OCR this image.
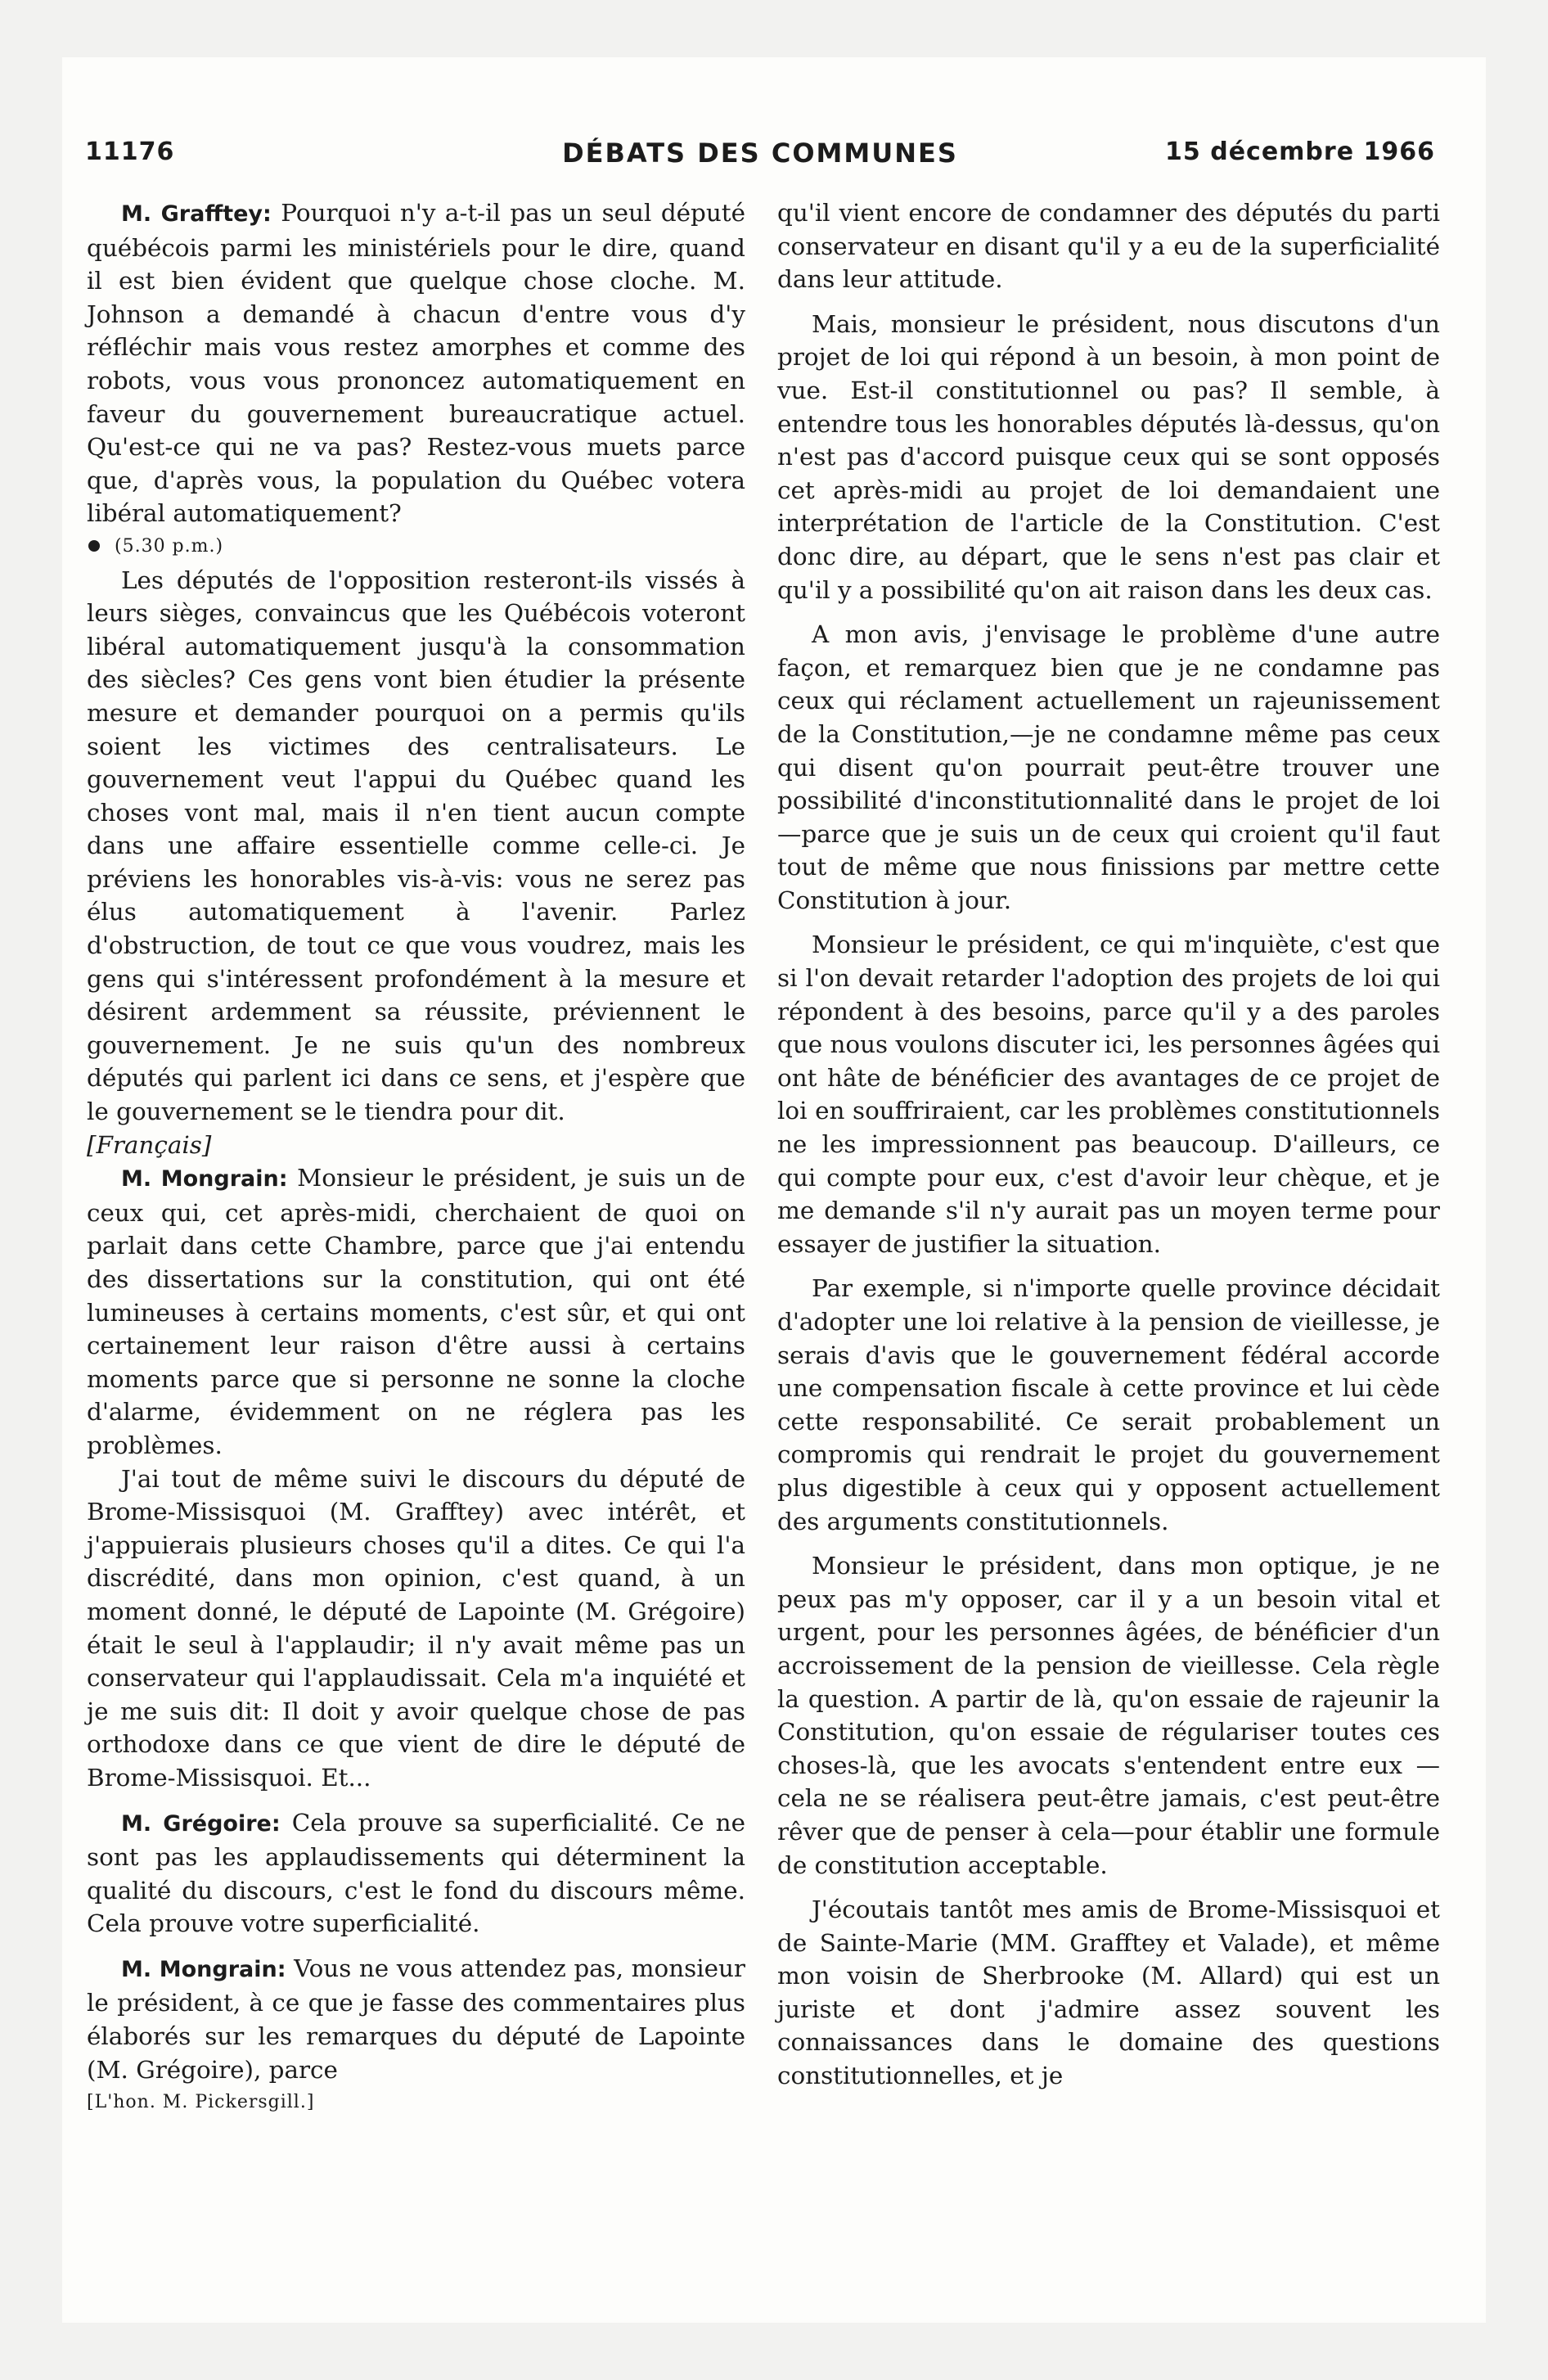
11176	DÉBATS DES COMMUNES	15 décembre 1966

M. Grafftey: Pourquoi n'y a-t-il pas un seul député québécois parmi les ministériels pour le dire, quand il est bien évident que quelque chose cloche. M. Johnson a demandé à chacun d'entre vous d'y réfléchir mais vous restez amorphes et comme des robots, vous vous prononcez automatiquement en faveur du gouvernement bureaucratique actuel. Qu'est-ce qui ne va pas? Restez-vous muets parce que, d'après vous, la population du Québec votera libéral automatiquement?

(5.30 p.m.)

Les députés de l'opposition resteront-ils vissés à leurs sièges, convaincus que les Québécois voteront libéral automatiquement jusqu'à la consommation des siècles? Ces gens vont bien étudier la présente mesure et demander pourquoi on a permis qu'ils soient les victimes des centralisateurs. Le gouvernement veut l'appui du Québec quand les choses vont mal, mais il n'en tient aucun compte dans une affaire essentielle comme celle-ci. Je préviens les honorables vis-à-vis: vous ne serez pas élus automatiquement à l'avenir. Parlez d'obstruction, de tout ce que vous voudrez, mais les gens qui s'intéressent profondément à la mesure et désirent ardemment sa réussite, préviennent le gouvernement. Je ne suis qu'un des nombreux députés qui parlent ici dans ce sens, et j'espère que le gouvernement se le tiendra pour dit.

[Français]

M. Mongrain: Monsieur le président, je suis un de ceux qui, cet après-midi, cherchaient de quoi on parlait dans cette Chambre, parce que j'ai entendu des dissertations sur la constitution, qui ont été lumineuses à certains moments, c'est sûr, et qui ont certainement leur raison d'être aussi à certains moments parce que si personne ne sonne la cloche d'alarme, évidemment on ne réglera pas les problèmes.

J'ai tout de même suivi le discours du député de Brome-Missisquoi (M. Grafftey) avec intérêt, et j'appuierais plusieurs choses qu'il a dites. Ce qui l'a discrédité, dans mon opinion, c'est quand, à un moment donné, le député de Lapointe (M. Grégoire) était le seul à l'applaudir; il n'y avait même pas un conservateur qui l'applaudissait. Cela m'a inquiété et je me suis dit: Il doit y avoir quelque chose de pas orthodoxe dans ce que vient de dire le député de Brome-Missisquoi. Et...

M. Grégoire: Cela prouve sa superficialité. Ce ne sont pas les applaudissements qui déterminent la qualité du discours, c'est le fond du discours même. Cela prouve votre superficialité.

M. Mongrain: Vous ne vous attendez pas, monsieur le président, à ce que je fasse des commentaires plus élaborés sur les remarques du député de Lapointe (M. Grégoire), parce

[L'hon. M. Pickersgill.]

qu'il vient encore de condamner des députés du parti conservateur en disant qu'il y a eu de la superficialité dans leur attitude.

Mais, monsieur le président, nous discutons d'un projet de loi qui répond à un besoin, à mon point de vue. Est-il constitutionnel ou pas? Il semble, à entendre tous les honorables députés là-dessus, qu'on n'est pas d'accord puisque ceux qui se sont opposés cet après-midi au projet de loi demandaient une interprétation de l'article de la Constitution. C'est donc dire, au départ, que le sens n'est pas clair et qu'il y a possibilité qu'on ait raison dans les deux cas.

A mon avis, j'envisage le problème d'une autre façon, et remarquez bien que je ne condamne pas ceux qui réclament actuellement un rajeunissement de la Constitution,—je ne condamne même pas ceux qui disent qu'on pourrait peut-être trouver une possibilité d'inconstitutionnalité dans le projet de loi—parce que je suis un de ceux qui croient qu'il faut tout de même que nous finissions par mettre cette Constitution à jour.

Monsieur le président, ce qui m'inquiète, c'est que si l'on devait retarder l'adoption des projets de loi qui répondent à des besoins, parce qu'il y a des paroles que nous voulons discuter ici, les personnes âgées qui ont hâte de bénéficier des avantages de ce projet de loi en souffriraient, car les problèmes constitutionnels ne les impressionnent pas beaucoup. D'ailleurs, ce qui compte pour eux, c'est d'avoir leur chèque, et je me demande s'il n'y aurait pas un moyen terme pour essayer de justifier la situation.

Par exemple, si n'importe quelle province décidait d'adopter une loi relative à la pension de vieillesse, je serais d'avis que le gouvernement fédéral accorde une compensation fiscale à cette province et lui cède cette responsabilité. Ce serait probablement un compromis qui rendrait le projet du gouvernement plus digestible à ceux qui y opposent actuellement des arguments constitutionnels.

Monsieur le président, dans mon optique, je ne peux pas m'y opposer, car il y a un besoin vital et urgent, pour les personnes âgées, de bénéficier d'un accroissement de la pension de vieillesse. Cela règle la question. A partir de là, qu'on essaie de rajeunir la Constitution, qu'on essaie de régulariser toutes ces choses-là, que les avocats s'entendent entre eux —cela ne se réalisera peut-être jamais, c'est peut-être rêver que de penser à cela—pour établir une formule de constitution acceptable.

J'écoutais tantôt mes amis de Brome-Missisquoi et de Sainte-Marie (MM. Grafftey et Valade), et même mon voisin de Sherbrooke (M. Allard) qui est un juriste et dont j'admire assez souvent les connaissances dans le domaine des questions constitutionnelles, et je
